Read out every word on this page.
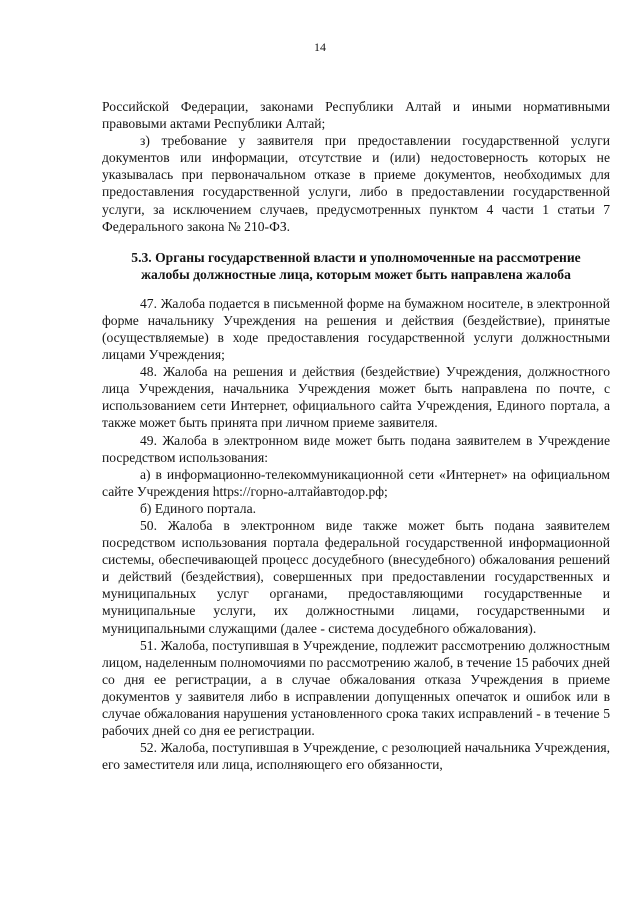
14

Российской Федерации, законами Республики Алтай и иными нормативными правовыми актами Республики Алтай;

з) требование у заявителя при предоставлении государственной услуги документов или информации, отсутствие и (или) недостоверность которых не указывалась при первоначальном отказе в приеме документов, необходимых для предоставления государственной услуги, либо в предоставлении государственной услуги, за исключением случаев, предусмотренных пунктом 4 части 1 статьи 7 Федерального закона № 210-ФЗ.

5.3. Органы государственной власти и уполномоченные на рассмотрение жалобы должностные лица, которым может быть направлена жалоба

47. Жалоба подается в письменной форме на бумажном носителе, в электронной форме начальнику Учреждения на решения и действия (бездействие), принятые (осуществляемые) в ходе предоставления государственной услуги должностными лицами Учреждения;

48. Жалоба на решения и действия (бездействие) Учреждения, должностного лица Учреждения, начальника Учреждения может быть направлена по почте, с использованием сети Интернет, официального сайта Учреждения, Единого портала, а также может быть принята при личном приеме заявителя.

49. Жалоба в электронном виде может быть подана заявителем в Учреждение посредством использования:

а) в информационно-телекоммуникационной сети «Интернет» на официальном сайте Учреждения https://горно-алтайавтодор.рф;

б) Единого портала.

50. Жалоба в электронном виде также может быть подана заявителем посредством использования портала федеральной государственной информационной системы, обеспечивающей процесс досудебного (внесудебного) обжалования решений и действий (бездействия), совершенных при предоставлении государственных и муниципальных услуг органами, предоставляющими государственные и муниципальные услуги, их должностными лицами, государственными и муниципальными служащими (далее - система досудебного обжалования).

51. Жалоба, поступившая в Учреждение, подлежит рассмотрению должностным лицом, наделенным полномочиями по рассмотрению жалоб, в течение 15 рабочих дней со дня ее регистрации, а в случае обжалования отказа Учреждения в приеме документов у заявителя либо в исправлении допущенных опечаток и ошибок или в случае обжалования нарушения установленного срока таких исправлений - в течение 5 рабочих дней со дня ее регистрации.

52. Жалоба, поступившая в Учреждение, с резолюцией начальника Учреждения, его заместителя или лица, исполняющего его обязанности,
